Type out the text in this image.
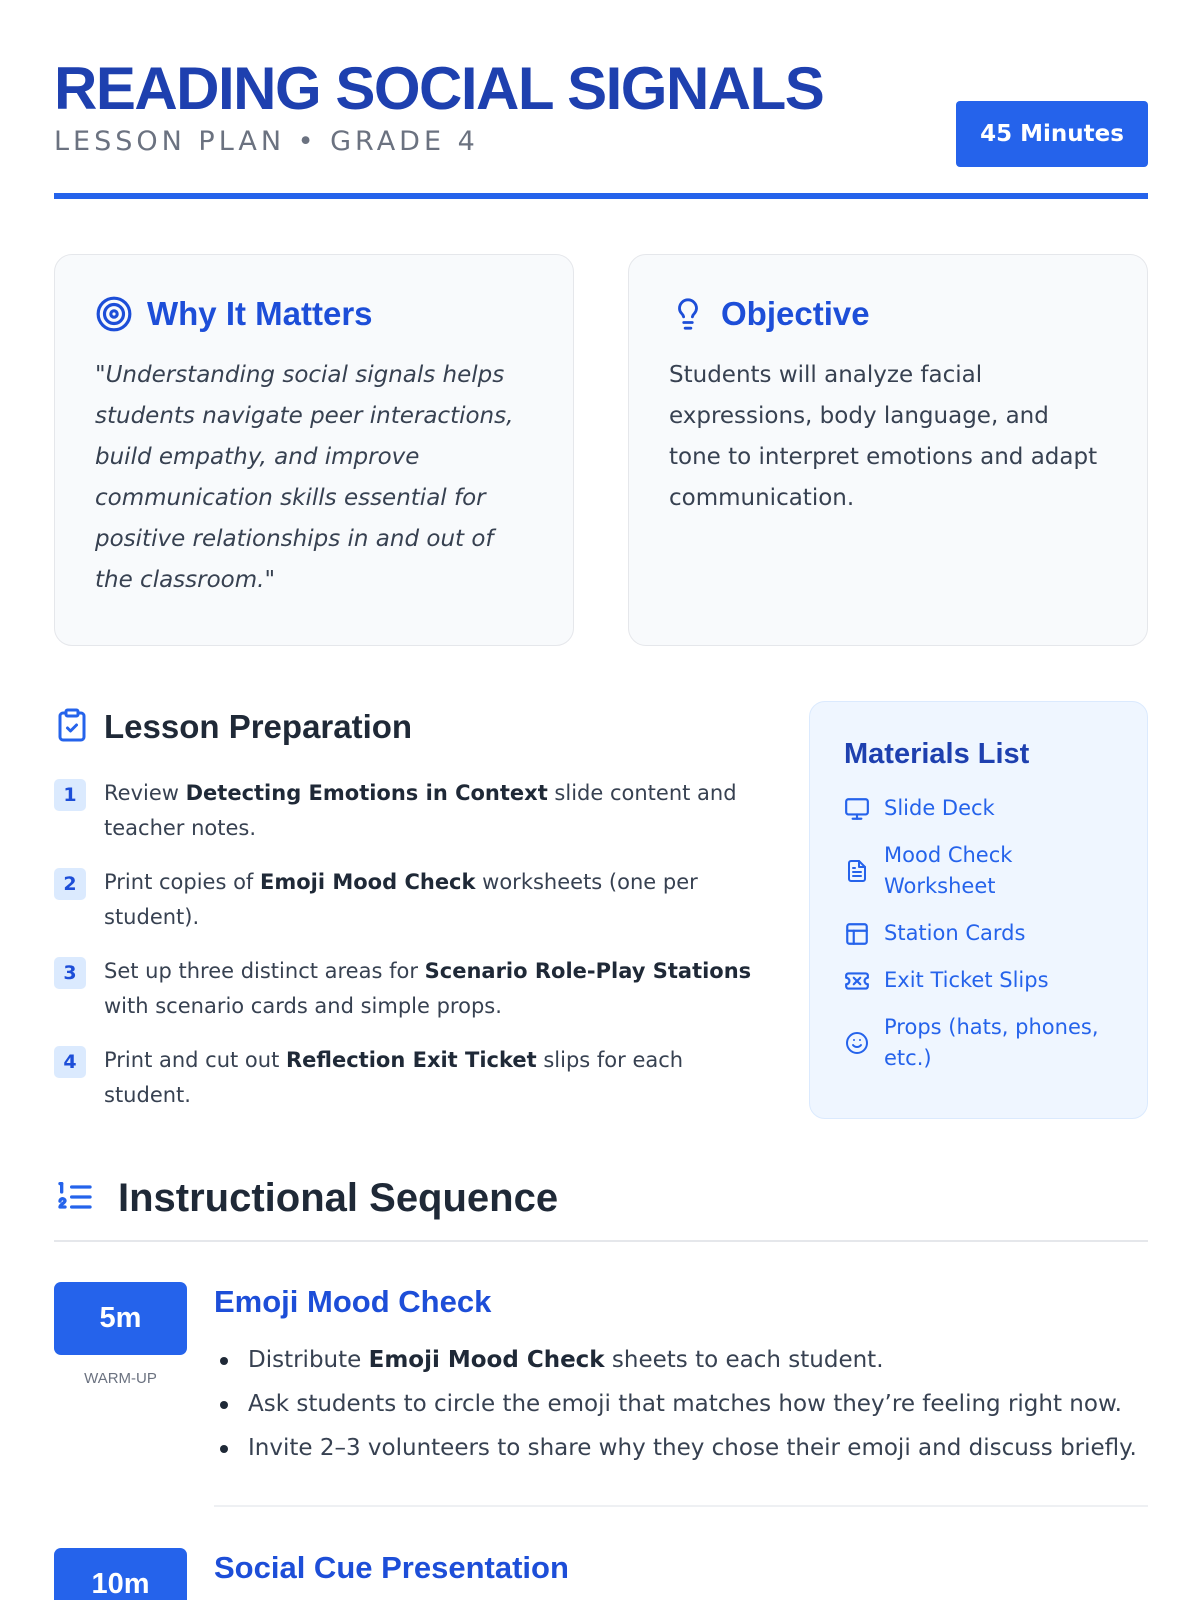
READING SOCIAL SIGNALS
LESSON PLAN • GRADE 4	45 Minutes
Why It Matters

"Understanding social signals helps students navigate peer interactions, build empathy, and improve communication skills essential for positive relationships in and out of the classroom."

Objective

Students will analyze facial expressions, body language, and tone to interpret emotions and adapt communication.

Lesson Preparation
1	Review Detecting Emotions in Context slide content and teacher notes.
2	Print copies of Emoji Mood Check worksheets (one per student).
3	Set up three distinct areas for Scenario Role-Play Stations with scenario cards and simple props.
4	Print and cut out Reflection Exit Ticket slips for each student.
Materials List
Slide Deck
Mood Check Worksheet
Station Cards
Exit Ticket Slips
Props (hats, phones, etc.)
Instructional Sequence
5m
WARM-UP
Emoji Mood Check
Distribute Emoji Mood Check sheets to each student.
Ask students to circle the emoji that matches how they’re feeling right now.
Invite 2–3 volunteers to share why they chose their emoji and discuss briefly.
10m	Social Cue Presentation
